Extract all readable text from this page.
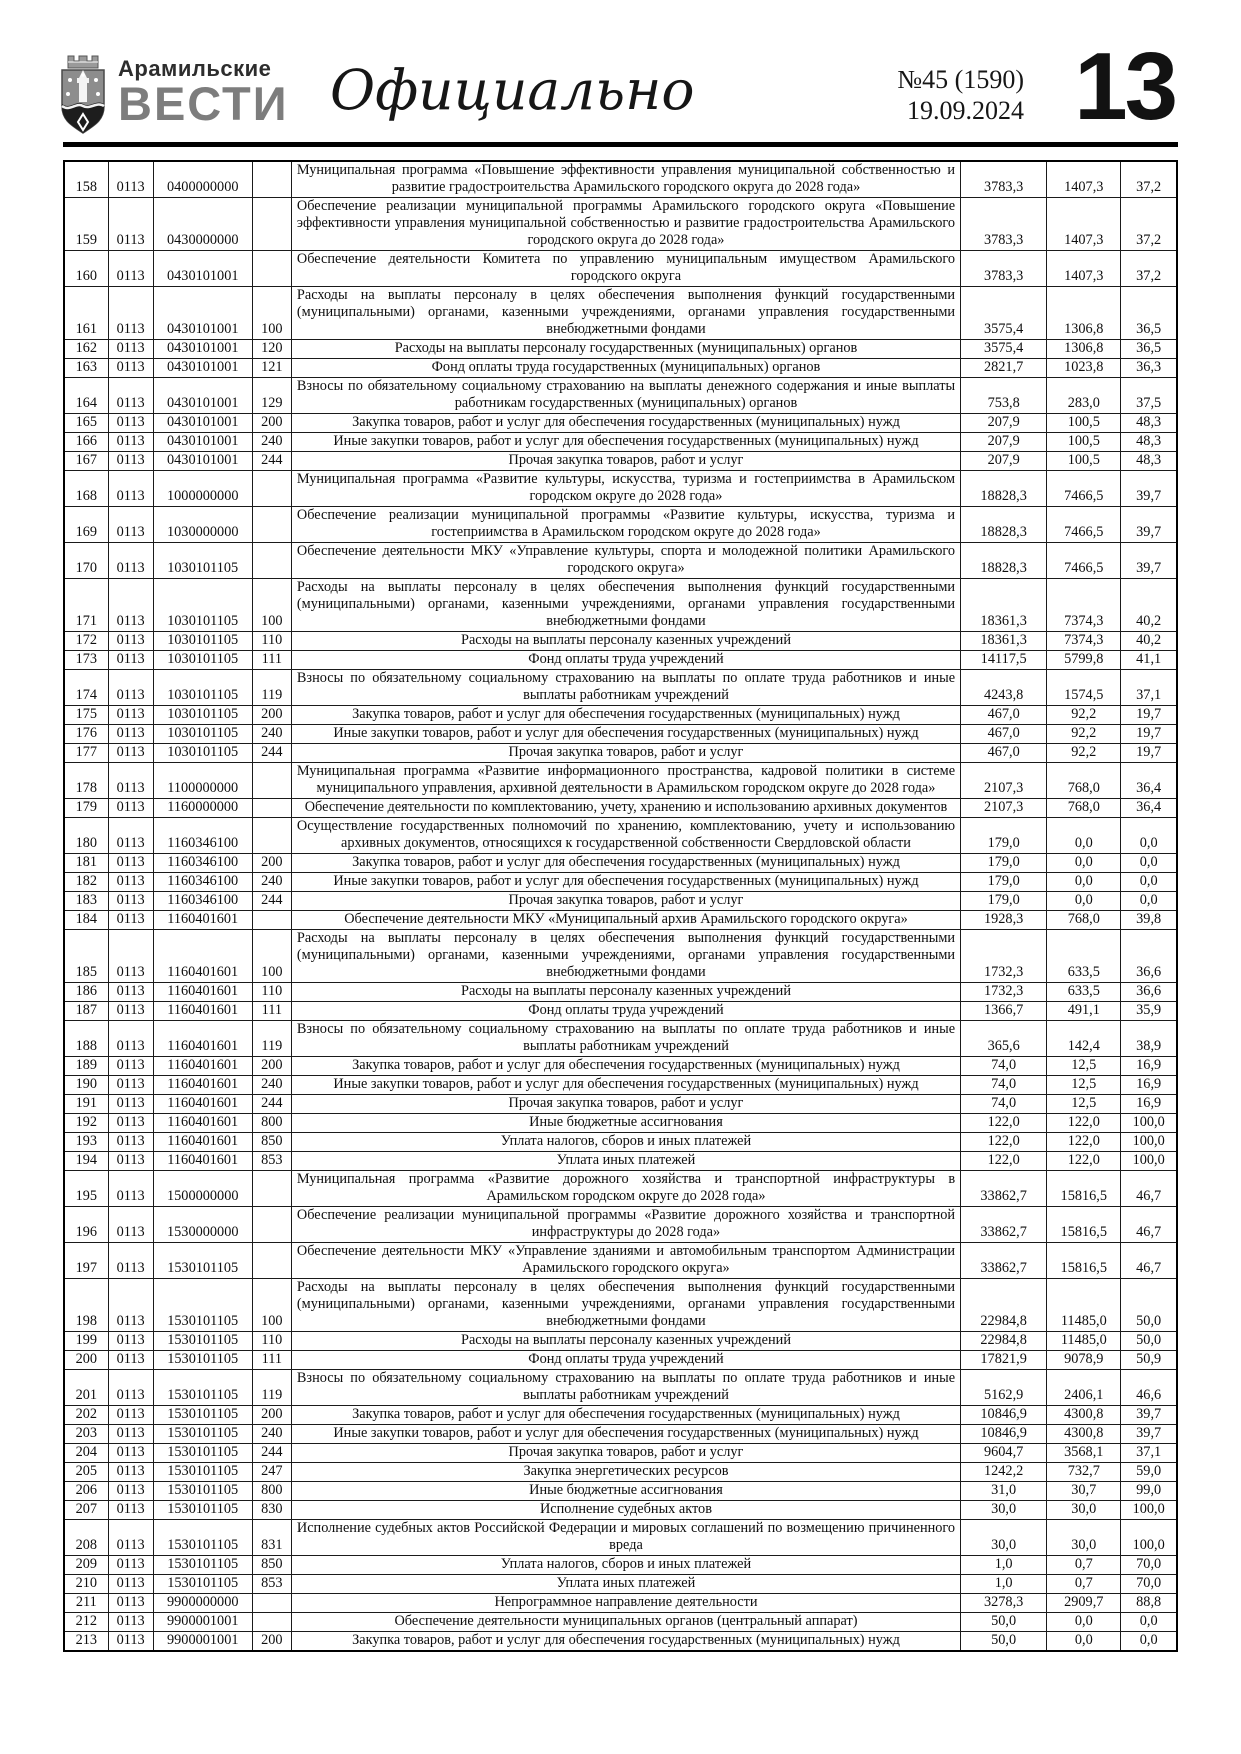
Арамильские
ВЕСТИ Официально	№45 (1590)
19.09.2024 13
158	0113	0400000000		Муниципальная программа «Повышение эффективности управления муниципальной собственностью и развитие градостроительства Арамильского городского округа до 2028 года»	3783,3	1407,3	37,2
159	0113	0430000000		Обеспечение реализации муниципальной программы Арамильского городского округа «Повышение эффективности управления муниципальной собственностью и развитие градостроительства Арамильского городского округа до 2028 года»	3783,3	1407,3	37,2
160	0113	0430101001		Обеспечение деятельности Комитета по управлению муниципальным имуществом Арамильского городского округа	3783,3	1407,3	37,2
161	0113	0430101001	100	Расходы на выплаты персоналу в целях обеспечения выполнения функций государственными (муниципальными) органами, казенными учреждениями, органами управления государственными внебюджетными фондами	3575,4	1306,8	36,5
162	0113	0430101001	120	Расходы на выплаты персоналу государственных (муниципальных) органов	3575,4	1306,8	36,5
163	0113	0430101001	121	Фонд оплаты труда государственных (муниципальных) органов	2821,7	1023,8	36,3
164	0113	0430101001	129	Взносы по обязательному социальному страхованию на выплаты денежного содержания и иные выплаты работникам государственных (муниципальных) органов	753,8	283,0	37,5
165	0113	0430101001	200	Закупка товаров, работ и услуг для обеспечения государственных (муниципальных) нужд	207,9	100,5	48,3
166	0113	0430101001	240	Иные закупки товаров, работ и услуг для обеспечения государственных (муниципальных) нужд	207,9	100,5	48,3
167	0113	0430101001	244	Прочая закупка товаров, работ и услуг	207,9	100,5	48,3
168	0113	1000000000		Муниципальная программа «Развитие культуры, искусства, туризма и гостеприимства в Арамильском городском округе до 2028 года»	18828,3	7466,5	39,7
169	0113	1030000000		Обеспечение реализации муниципальной программы «Развитие культуры, искусства, туризма и гостеприимства в Арамильском городском округе до 2028 года»	18828,3	7466,5	39,7
170	0113	1030101105		Обеспечение деятельности МКУ «Управление культуры, спорта и молодежной политики Арамильского городского округа»	18828,3	7466,5	39,7
171	0113	1030101105	100	Расходы на выплаты персоналу в целях обеспечения выполнения функций государственными (муниципальными) органами, казенными учреждениями, органами управления государственными внебюджетными фондами	18361,3	7374,3	40,2
172	0113	1030101105	110	Расходы на выплаты персоналу казенных учреждений	18361,3	7374,3	40,2
173	0113	1030101105	111	Фонд оплаты труда учреждений	14117,5	5799,8	41,1
174	0113	1030101105	119	Взносы по обязательному социальному страхованию на выплаты по оплате труда работников и иные выплаты работникам учреждений	4243,8	1574,5	37,1
175	0113	1030101105	200	Закупка товаров, работ и услуг для обеспечения государственных (муниципальных) нужд	467,0	92,2	19,7
176	0113	1030101105	240	Иные закупки товаров, работ и услуг для обеспечения государственных (муниципальных) нужд	467,0	92,2	19,7
177	0113	1030101105	244	Прочая закупка товаров, работ и услуг	467,0	92,2	19,7
178	0113	1100000000		Муниципальная программа «Развитие информационного пространства, кадровой политики в системе муниципального управления, архивной деятельности в Арамильском городском округе до 2028 года»	2107,3	768,0	36,4
179	0113	1160000000		Обеспечение деятельности по комплектованию, учету, хранению и использованию архивных документов	2107,3	768,0	36,4
180	0113	1160346100		Осуществление государственных полномочий по хранению, комплектованию, учету и использованию архивных документов, относящихся к государственной собственности Свердловской области	179,0	0,0	0,0
181	0113	1160346100	200	Закупка товаров, работ и услуг для обеспечения государственных (муниципальных) нужд	179,0	0,0	0,0
182	0113	1160346100	240	Иные закупки товаров, работ и услуг для обеспечения государственных (муниципальных) нужд	179,0	0,0	0,0
183	0113	1160346100	244	Прочая закупка товаров, работ и услуг	179,0	0,0	0,0
184	0113	1160401601		Обеспечение деятельности МКУ «Муниципальный архив Арамильского городского округа»	1928,3	768,0	39,8
185	0113	1160401601	100	Расходы на выплаты персоналу в целях обеспечения выполнения функций государственными (муниципальными) органами, казенными учреждениями, органами управления государственными внебюджетными фондами	1732,3	633,5	36,6
186	0113	1160401601	110	Расходы на выплаты персоналу казенных учреждений	1732,3	633,5	36,6
187	0113	1160401601	111	Фонд оплаты труда учреждений	1366,7	491,1	35,9
188	0113	1160401601	119	Взносы по обязательному социальному страхованию на выплаты по оплате труда работников и иные выплаты работникам учреждений	365,6	142,4	38,9
189	0113	1160401601	200	Закупка товаров, работ и услуг для обеспечения государственных (муниципальных) нужд	74,0	12,5	16,9
190	0113	1160401601	240	Иные закупки товаров, работ и услуг для обеспечения государственных (муниципальных) нужд	74,0	12,5	16,9
191	0113	1160401601	244	Прочая закупка товаров, работ и услуг	74,0	12,5	16,9
192	0113	1160401601	800	Иные бюджетные ассигнования	122,0	122,0	100,0
193	0113	1160401601	850	Уплата налогов, сборов и иных платежей	122,0	122,0	100,0
194	0113	1160401601	853	Уплата иных платежей	122,0	122,0	100,0
195	0113	1500000000		Муниципальная программа «Развитие дорожного хозяйства и транспортной инфраструктуры в Арамильском городском округе до 2028 года»	33862,7	15816,5	46,7
196	0113	1530000000		Обеспечение реализации муниципальной программы «Развитие дорожного хозяйства и транспортной инфраструктуры до 2028 года»	33862,7	15816,5	46,7
197	0113	1530101105		Обеспечение деятельности МКУ «Управление зданиями и автомобильным транспортом Администрации Арамильского городского округа»	33862,7	15816,5	46,7
198	0113	1530101105	100	Расходы на выплаты персоналу в целях обеспечения выполнения функций государственными (муниципальными) органами, казенными учреждениями, органами управления государственными внебюджетными фондами	22984,8	11485,0	50,0
199	0113	1530101105	110	Расходы на выплаты персоналу казенных учреждений	22984,8	11485,0	50,0
200	0113	1530101105	111	Фонд оплаты труда учреждений	17821,9	9078,9	50,9
201	0113	1530101105	119	Взносы по обязательному социальному страхованию на выплаты по оплате труда работников и иные выплаты работникам учреждений	5162,9	2406,1	46,6
202	0113	1530101105	200	Закупка товаров, работ и услуг для обеспечения государственных (муниципальных) нужд	10846,9	4300,8	39,7
203	0113	1530101105	240	Иные закупки товаров, работ и услуг для обеспечения государственных (муниципальных) нужд	10846,9	4300,8	39,7
204	0113	1530101105	244	Прочая закупка товаров, работ и услуг	9604,7	3568,1	37,1
205	0113	1530101105	247	Закупка энергетических ресурсов	1242,2	732,7	59,0
206	0113	1530101105	800	Иные бюджетные ассигнования	31,0	30,7	99,0
207	0113	1530101105	830	Исполнение судебных актов	30,0	30,0	100,0
208	0113	1530101105	831	Исполнение судебных актов Российской Федерации и мировых соглашений по возмещению причиненного вреда	30,0	30,0	100,0
209	0113	1530101105	850	Уплата налогов, сборов и иных платежей	1,0	0,7	70,0
210	0113	1530101105	853	Уплата иных платежей	1,0	0,7	70,0
211	0113	9900000000		Непрограммное направление деятельности	3278,3	2909,7	88,8
212	0113	9900001001		Обеспечение деятельности муниципальных органов (центральный аппарат)	50,0	0,0	0,0
213	0113	9900001001	200	Закупка товаров, работ и услуг для обеспечения государственных (муниципальных) нужд	50,0	0,0	0,0
